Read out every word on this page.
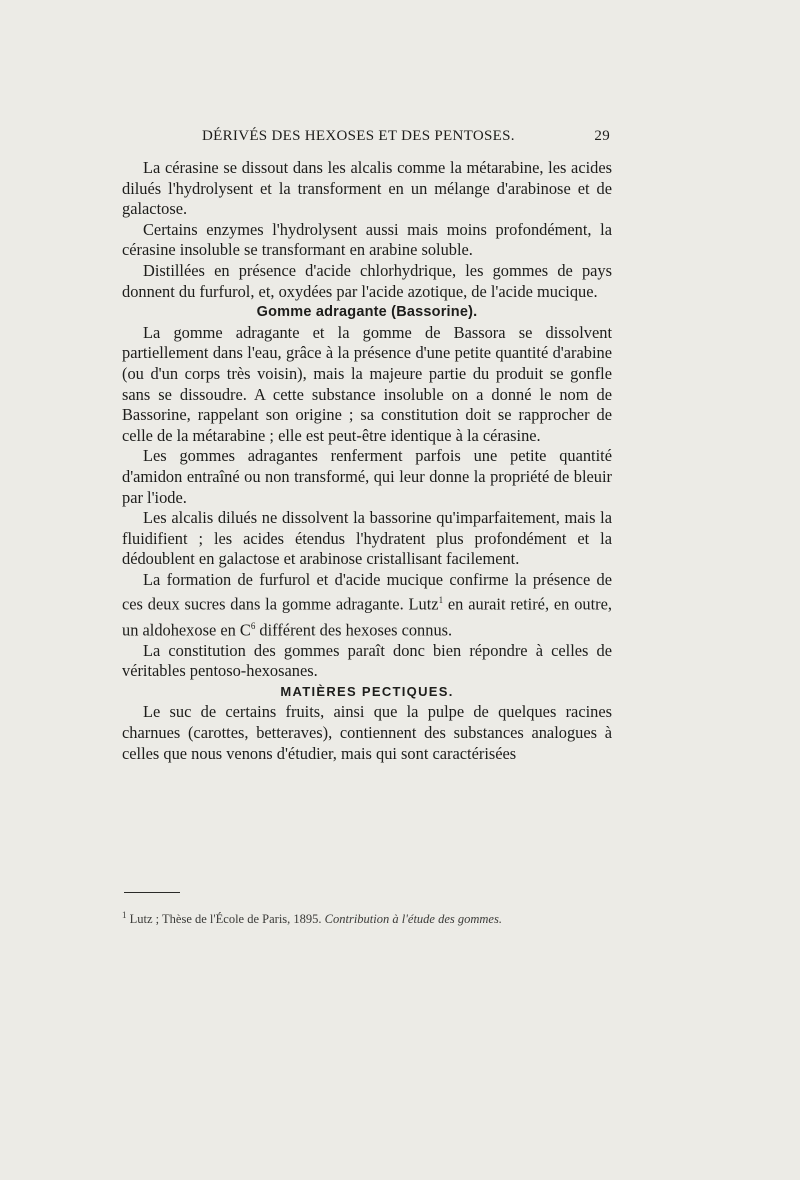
DÉRIVÉS DES HEXOSES ET DES PENTOSES.	29

La cérasine se dissout dans les alcalis comme la métarabine, les acides dilués l'hydrolysent et la transforment en un mélange d'arabinose et de galactose.

Certains enzymes l'hydrolysent aussi mais moins profondément, la cérasine insoluble se transformant en arabine soluble.

Distillées en présence d'acide chlorhydrique, les gommes de pays donnent du furfurol, et, oxydées par l'acide azotique, de l'acide mucique.

Gomme adragante (Bassorine).

La gomme adragante et la gomme de Bassora se dissolvent partiellement dans l'eau, grâce à la présence d'une petite quantité d'arabine (ou d'un corps très voisin), mais la majeure partie du produit se gonfle sans se dissoudre. A cette substance insoluble on a donné le nom de Bassorine, rappelant son origine ; sa constitution doit se rapprocher de celle de la métarabine ; elle est peut-être identique à la cérasine.

Les gommes adragantes renferment parfois une petite quantité d'amidon entraîné ou non transformé, qui leur donne la propriété de bleuir par l'iode.

Les alcalis dilués ne dissolvent la bassorine qu'imparfaitement, mais la fluidifient ; les acides étendus l'hydratent plus profondément et la dédoublent en galactose et arabinose cristallisant facilement.

La formation de furfurol et d'acide mucique confirme la présence de ces deux sucres dans la gomme adragante. Lutz$^1$ en aurait retiré, en outre, un aldohexose en $C^6$ différent des hexoses connus.

La constitution des gommes paraît donc bien répondre à celles de véritables pentoso-hexosanes.

MATIÈRES PECTIQUES.

Le suc de certains fruits, ainsi que la pulpe de quelques racines charnues (carottes, betteraves), contiennent des substances analogues à celles que nous venons d'étudier, mais qui sont caractérisées

$^1$ Lutz ; Thèse de l'École de Paris, 1895. Contribution à l'étude des gommes.
